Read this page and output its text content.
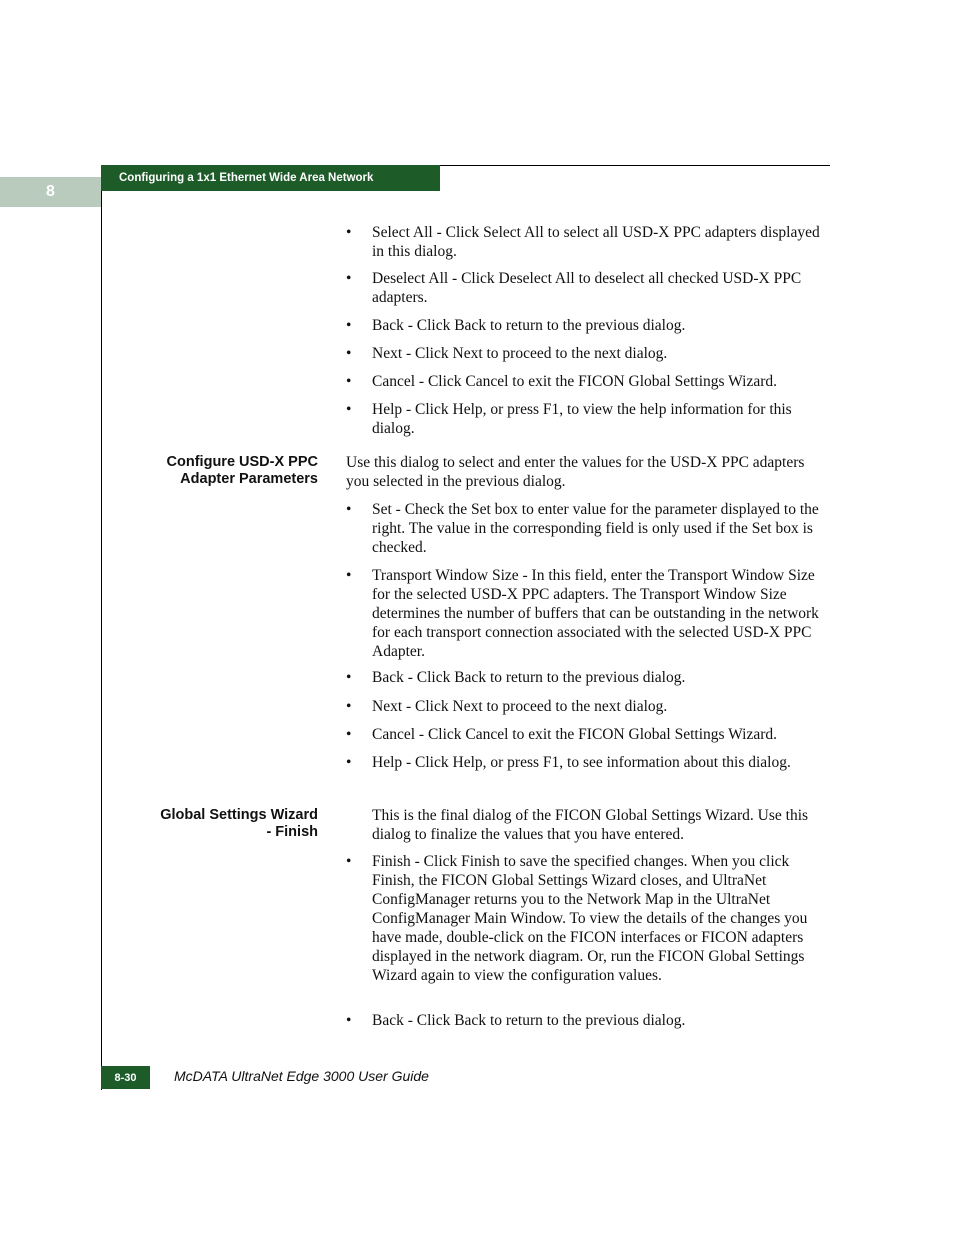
8
Configuring a 1x1 Ethernet Wide Area Network
•	Select All - Click Select All to select all USD-X PPC adapters displayed in this dialog.
•	Deselect All - Click Deselect All to deselect all checked USD-X PPC adapters.
•	Back - Click Back to return to the previous dialog.
•	Next - Click Next to proceed to the next dialog.
•	Cancel - Click Cancel to exit the FICON Global Settings Wizard.
•	Help - Click Help, or press F1, to view the help information for this dialog.
Configure USD-X PPC
Adapter Parameters
Use this dialog to select and enter the values for the USD-X PPC adapters you selected in the previous dialog.
•	Set - Check the Set box to enter value for the parameter displayed to the right. The value in the corresponding field is only used if the Set box is checked.
•	Transport Window Size - In this field, enter the Transport Window Size for the selected USD-X PPC adapters. The Transport Window Size determines the number of buffers that can be outstanding in the network for each transport connection associated with the selected USD-X PPC Adapter.
•	Back - Click Back to return to the previous dialog.
•	Next - Click Next to proceed to the next dialog.
•	Cancel - Click Cancel to exit the FICON Global Settings Wizard.
•	Help - Click Help, or press F1, to see information about this dialog.
Global Settings Wizard
- Finish
This is the final dialog of the FICON Global Settings Wizard. Use this dialog to finalize the values that you have entered.
•	Finish - Click Finish to save the specified changes. When you click Finish, the FICON Global Settings Wizard closes, and UltraNet ConfigManager returns you to the Network Map in the UltraNet ConfigManager Main Window. To view the details of the changes you have made, double-click on the FICON interfaces or FICON adapters displayed in the network diagram. Or, run the FICON Global Settings Wizard again to view the configuration values.
•	Back - Click Back to return to the previous dialog.
8-30	McDATA UltraNet Edge 3000 User Guide
